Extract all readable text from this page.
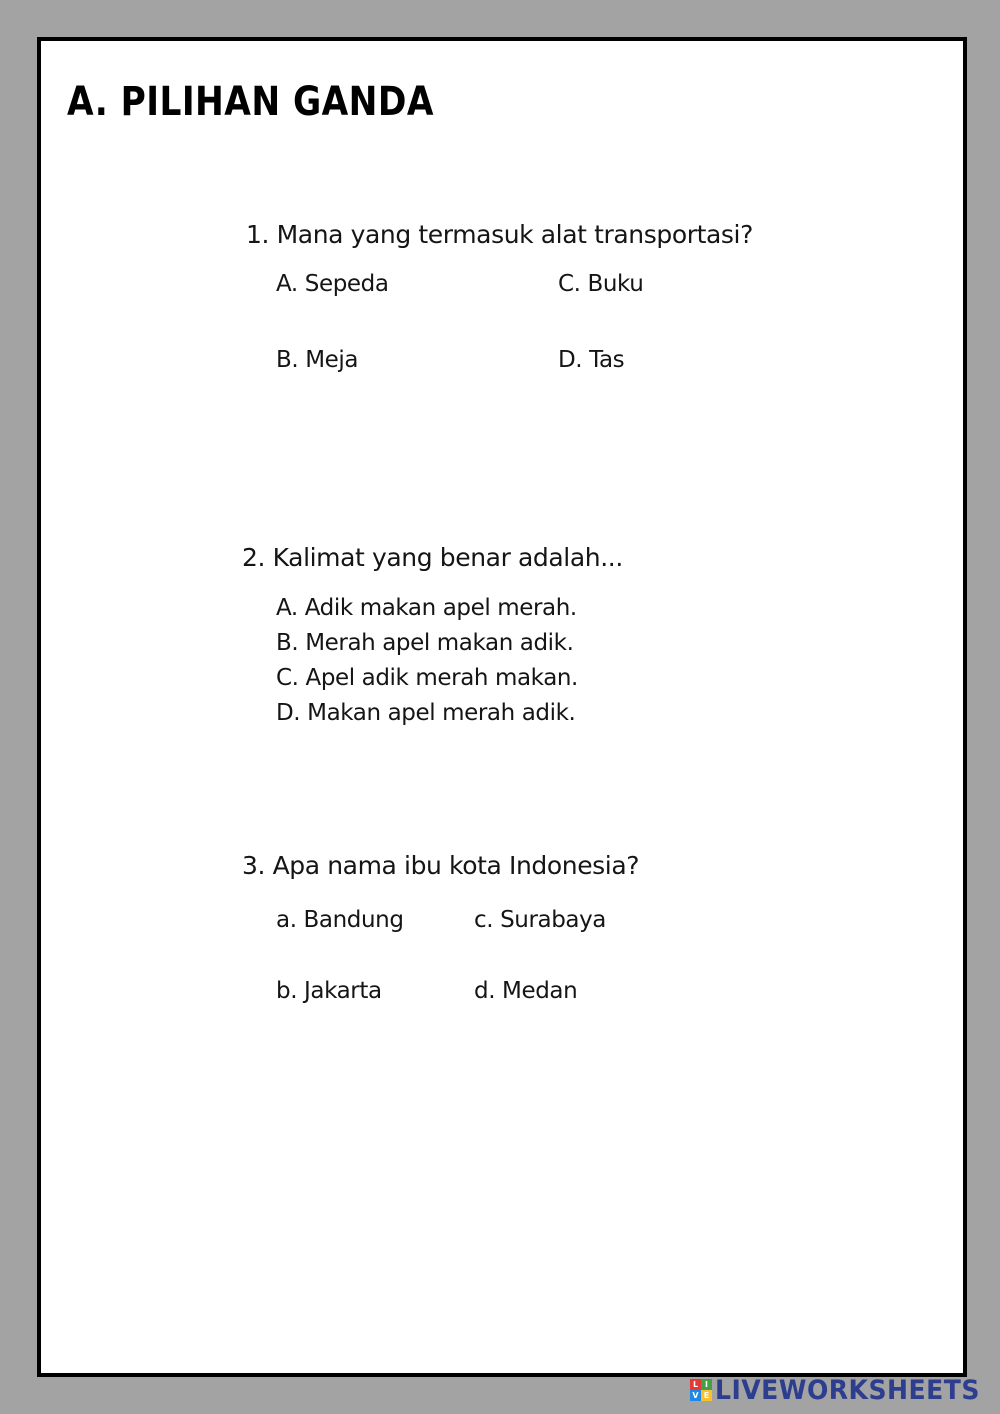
A. PILIHAN GANDA
1. Mana yang termasuk alat transportasi?
A. Sepeda	C. Buku
B. Meja	D. Tas
2. Kalimat yang benar adalah...
A. Adik makan apel merah.
B. Merah apel makan adik.
C. Apel adik merah makan.
D. Makan apel merah adik.
3. Apa nama ibu kota Indonesia?
a. Bandung	c. Surabaya
b. Jakarta	d. Medan
L I
V E LIVEWORKSHEETS
